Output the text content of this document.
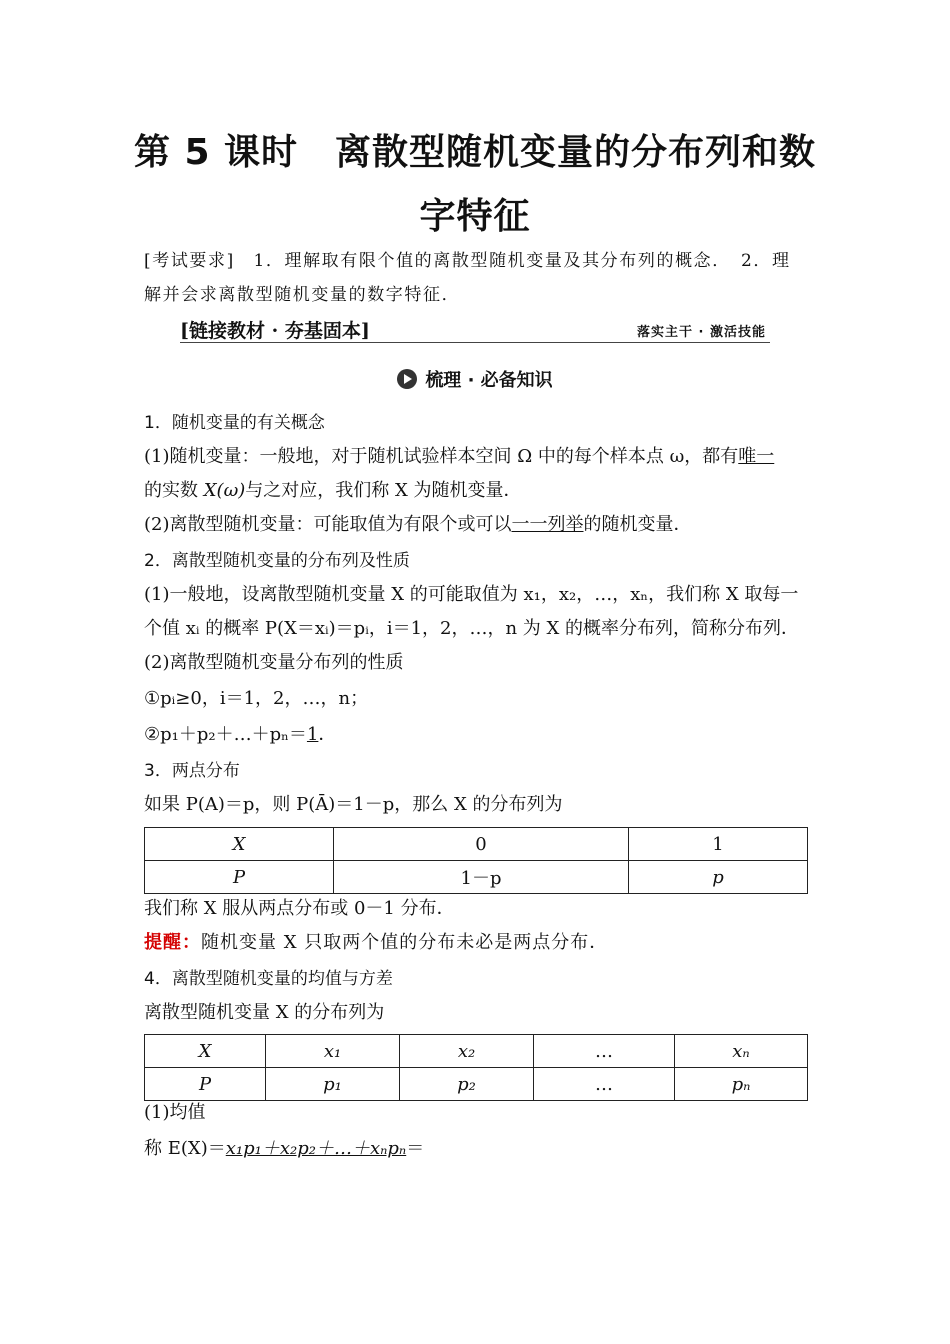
第 5 课时　离散型随机变量的分布列和数
字特征
[考试要求]　1．理解取有限个值的离散型随机变量及其分布列的概念．　2．理
解并会求离散型随机变量的数字特征．
[链接教材 · 夯基固本]	落实主干 · 激活技能
梳理 · 必备知识
1．随机变量的有关概念
(1)随机变量：一般地，对于随机试验样本空间 Ω 中的每个样本点 ω，都有唯一
的实数 X(ω)与之对应，我们称 X 为随机变量．
(2)离散型随机变量：可能取值为有限个或可以一一列举的随机变量．
2．离散型随机变量的分布列及性质
(1)一般地，设离散型随机变量 X 的可能取值为 x₁，x₂，…，xₙ，我们称 X 取每一
个值 xᵢ 的概率 P(X＝xᵢ)＝pᵢ，i＝1，2，…，n 为 X 的概率分布列，简称分布列．
(2)离散型随机变量分布列的性质
①pᵢ≥0，i＝1，2，…，n；
②p₁＋p₂＋…＋pₙ＝1．
3．两点分布
如果 P(A)＝p，则 P(Ā)＝1－p，那么 X 的分布列为
X	0	1
P	1－p	p
我们称 X 服从两点分布或 0－1 分布．
提醒：随机变量 X 只取两个值的分布未必是两点分布．
4．离散型随机变量的均值与方差
离散型随机变量 X 的分布列为
X	x₁	x₂	…	xₙ
P	p₁	p₂	…	pₙ
(1)均值
称 E(X)＝x₁p₁＋x₂p₂＋…＋xₙpₙ＝
